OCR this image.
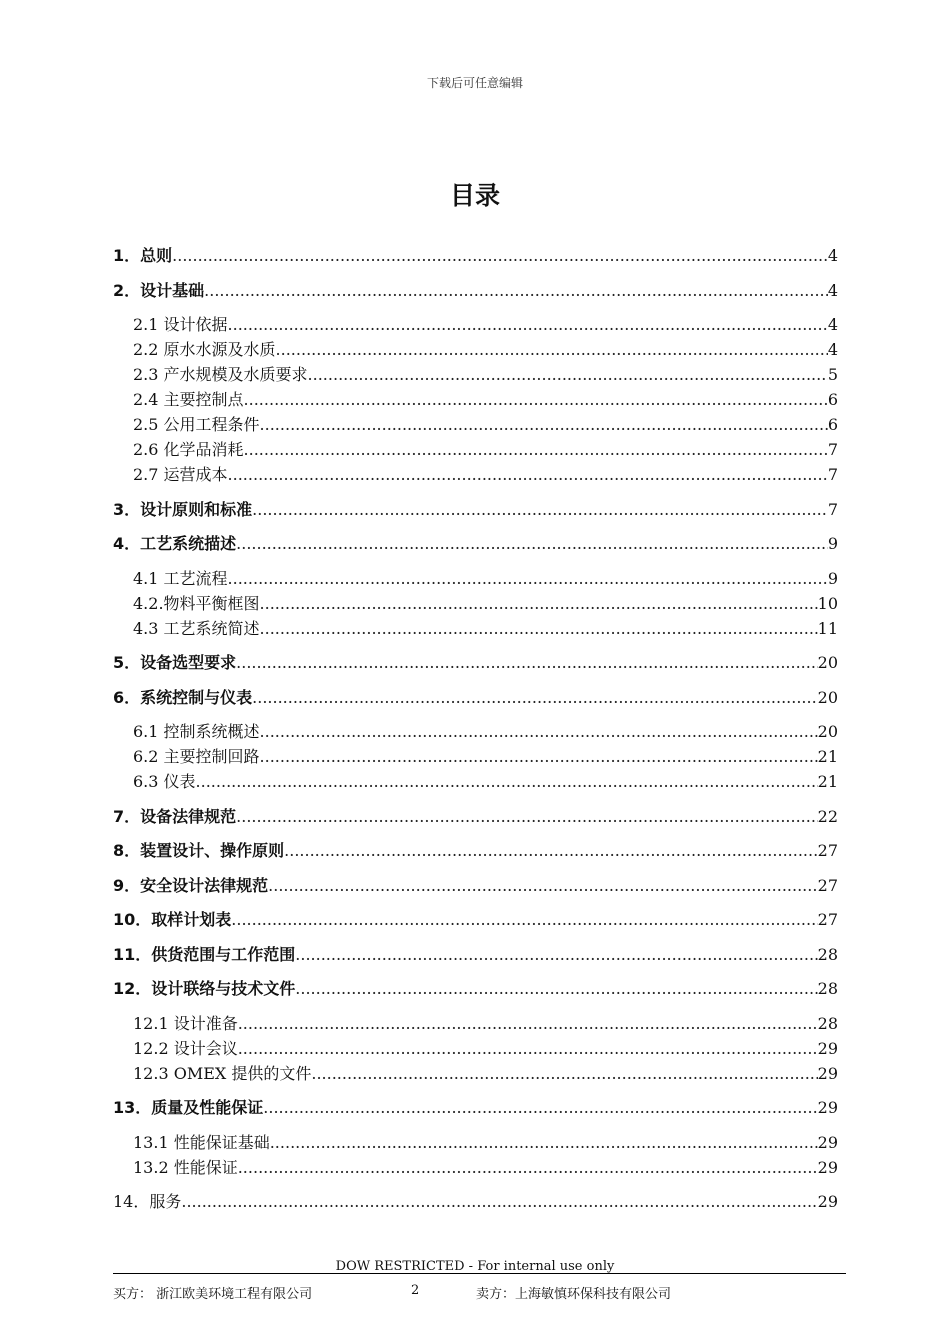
下载后可任意编辑
目录
1．总则 .....	4
2．设计基础 .....	4
2.1 设计依据 .....	4
2.2 原水水源及水质 .....	4
2.3 产水规模及水质要求 .....	5
2.4 主要控制点 .....	6
2.5 公用工程条件 .....	6
2.6 化学品消耗 .....	7
2.7 运营成本 .....	7
3．设计原则和标准 .....	7
4．工艺系统描述 .....	9
4.1 工艺流程 .....	9
4.2.物料平衡框图 .....	10
4.3 工艺系统简述 .....	11
5．设备选型要求 .....	20
6．系统控制与仪表 .....	20
6.1 控制系统概述 .....	20
6.2 主要控制回路 .....	21
6.3 仪表 .....	21
7．设备法律规范 .....	22
8．装置设计、操作原则 .....	27
9．安全设计法律规范 .....	27
10．取样计划表 .....	27
11．供货范围与工作范围 .....	28
12．设计联络与技术文件 .....	28
12.1 设计准备 .....	28
12.2 设计会议 .....	29
12.3 OMEX 提供的文件 .....	29
13．质量及性能保证 .....	29
13.1 性能保证基础 .....	29
13.2 性能保证 .....	29
14．服务 .....	29
DOW RESTRICTED - For internal use only
买方： 浙江欧美环境工程有限公司	2	卖方：上海敏慎环保科技有限公司
